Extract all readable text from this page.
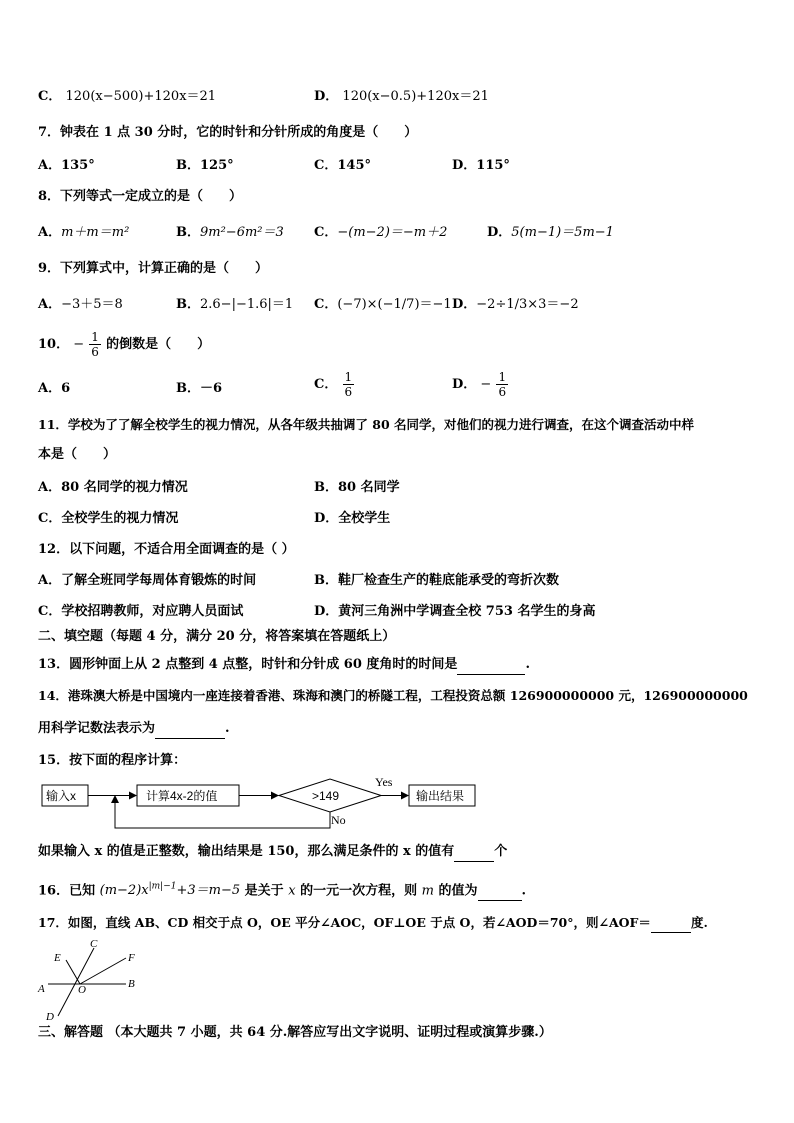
C． 120(x−500)+120x＝21	D． 120(x−0.5)+120x＝21
7．钟表在 1 点 30 分时，它的时针和分针所成的角度是（　　）
A．135°	B．125°	C．145°	D．115°
8．下列等式一定成立的是（　　）
A．m＋m＝m²	B．9m²−6m²＝3 C．−(m−2)＝−m＋2	D．5(m−1)＝5m−1
9．下列算式中，计算正确的是（　　）
A．−3＋5＝8	B．2.6−|−1.6|＝1 C．(−7)×(−1/7)＝−1 D．−2÷1/3×3＝−2
10． − $\frac{1}{6}$ 的倒数是（　　）
A．6	B．－6	C． $\frac{1}{6}$	D． − $\frac{1}{6}$
11．学校为了了解全校学生的视力情况，从各年级共抽调了 80 名同学，对他们的视力进行调查，在这个调查活动中样
本是（　　）
A．80 名同学的视力情况	B．80 名同学
C．全校学生的视力情况	D．全校学生
12．以下问题，不适合用全面调查的是（ ）
A．了解全班同学每周体育锻炼的时间	B．鞋厂检查生产的鞋底能承受的弯折次数
C．学校招聘教师，对应聘人员面试	D．黄河三角洲中学调查全校 753 名学生的身高
二、填空题（每题 4 分，满分 20 分，将答案填在答题纸上）
13．圆形钟面上从 2 点整到 4 点整，时针和分针成 60 度角时的时间是	.
14．港珠澳大桥是中国境内一座连接着香港、珠海和澳门的桥隧工程，工程投资总额 126900000000 元，126900000000
用科学记数法表示为	.
15．按下面的程序计算：
输入x	计算4x-2的值	>149
Yes
No
输出结果
如果输入 x 的值是正整数，输出结果是 150，那么满足条件的 x 的值有	个
16．已知 $(m-2)x^{|m|-1}+3=m-5$ 是关于 x 的一元一次方程，则 m 的值为	.
17．如图，直线 AB、CD 相交于点 O，OE 平分∠AOC，OF⊥OE 于点 O，若∠AOD＝70°，则∠AOF＝	度.
C
E	F
A	O	B
D
三、解答题 （本大题共 7 小题，共 64 分.解答应写出文字说明、证明过程或演算步骤.）
